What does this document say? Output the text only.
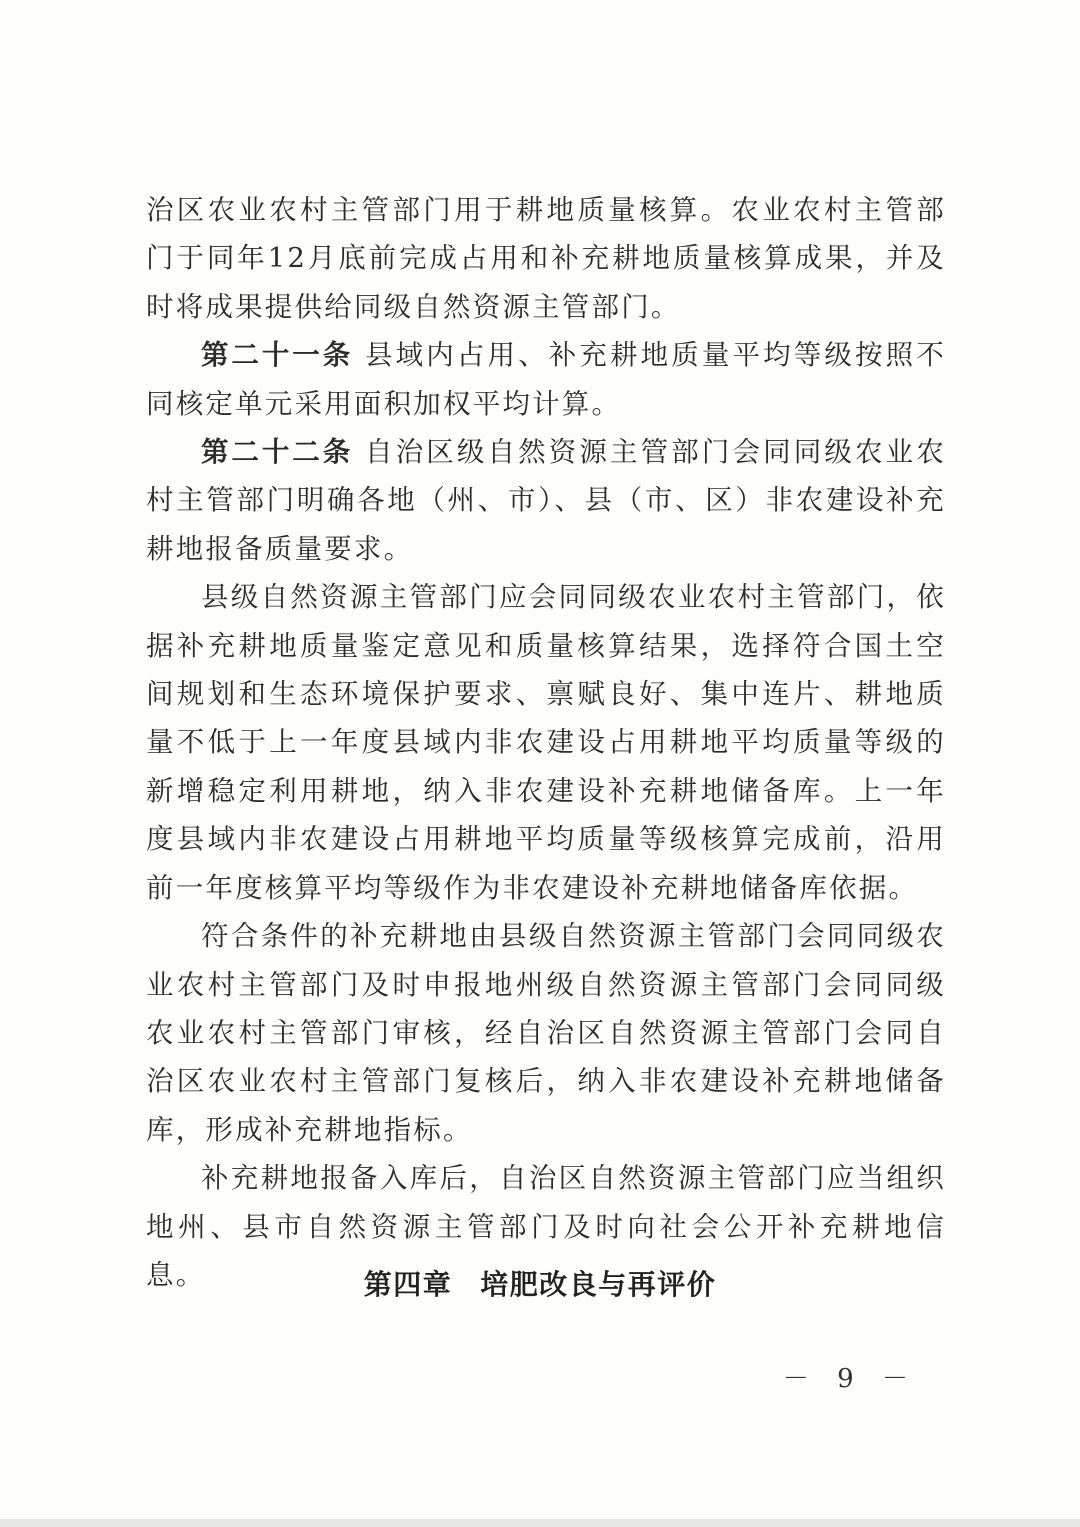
治区农业农村主管部门用于耕地质量核算。农业农村主管部门于同年12月底前完成占用和补充耕地质量核算成果，并及时将成果提供给同级自然资源主管部门。

第二十一条 县域内占用、补充耕地质量平均等级按照不同核定单元采用面积加权平均计算。

第二十二条 自治区级自然资源主管部门会同同级农业农村主管部门明确各地（州、市）、县（市、区）非农建设补充耕地报备质量要求。

县级自然资源主管部门应会同同级农业农村主管部门，依据补充耕地质量鉴定意见和质量核算结果，选择符合国土空间规划和生态环境保护要求、禀赋良好、集中连片、耕地质量不低于上一年度县域内非农建设占用耕地平均质量等级的新增稳定利用耕地，纳入非农建设补充耕地储备库。上一年度县域内非农建设占用耕地平均质量等级核算完成前，沿用前一年度核算平均等级作为非农建设补充耕地储备库依据。

符合条件的补充耕地由县级自然资源主管部门会同同级农业农村主管部门及时申报地州级自然资源主管部门会同同级农业农村主管部门审核，经自治区自然资源主管部门会同自治区农业农村主管部门复核后，纳入非农建设补充耕地储备库，形成补充耕地指标。

补充耕地报备入库后，自治区自然资源主管部门应当组织地州、县市自然资源主管部门及时向社会公开补充耕地信息。	第四章 培肥改良与再评价
－ 9 －
